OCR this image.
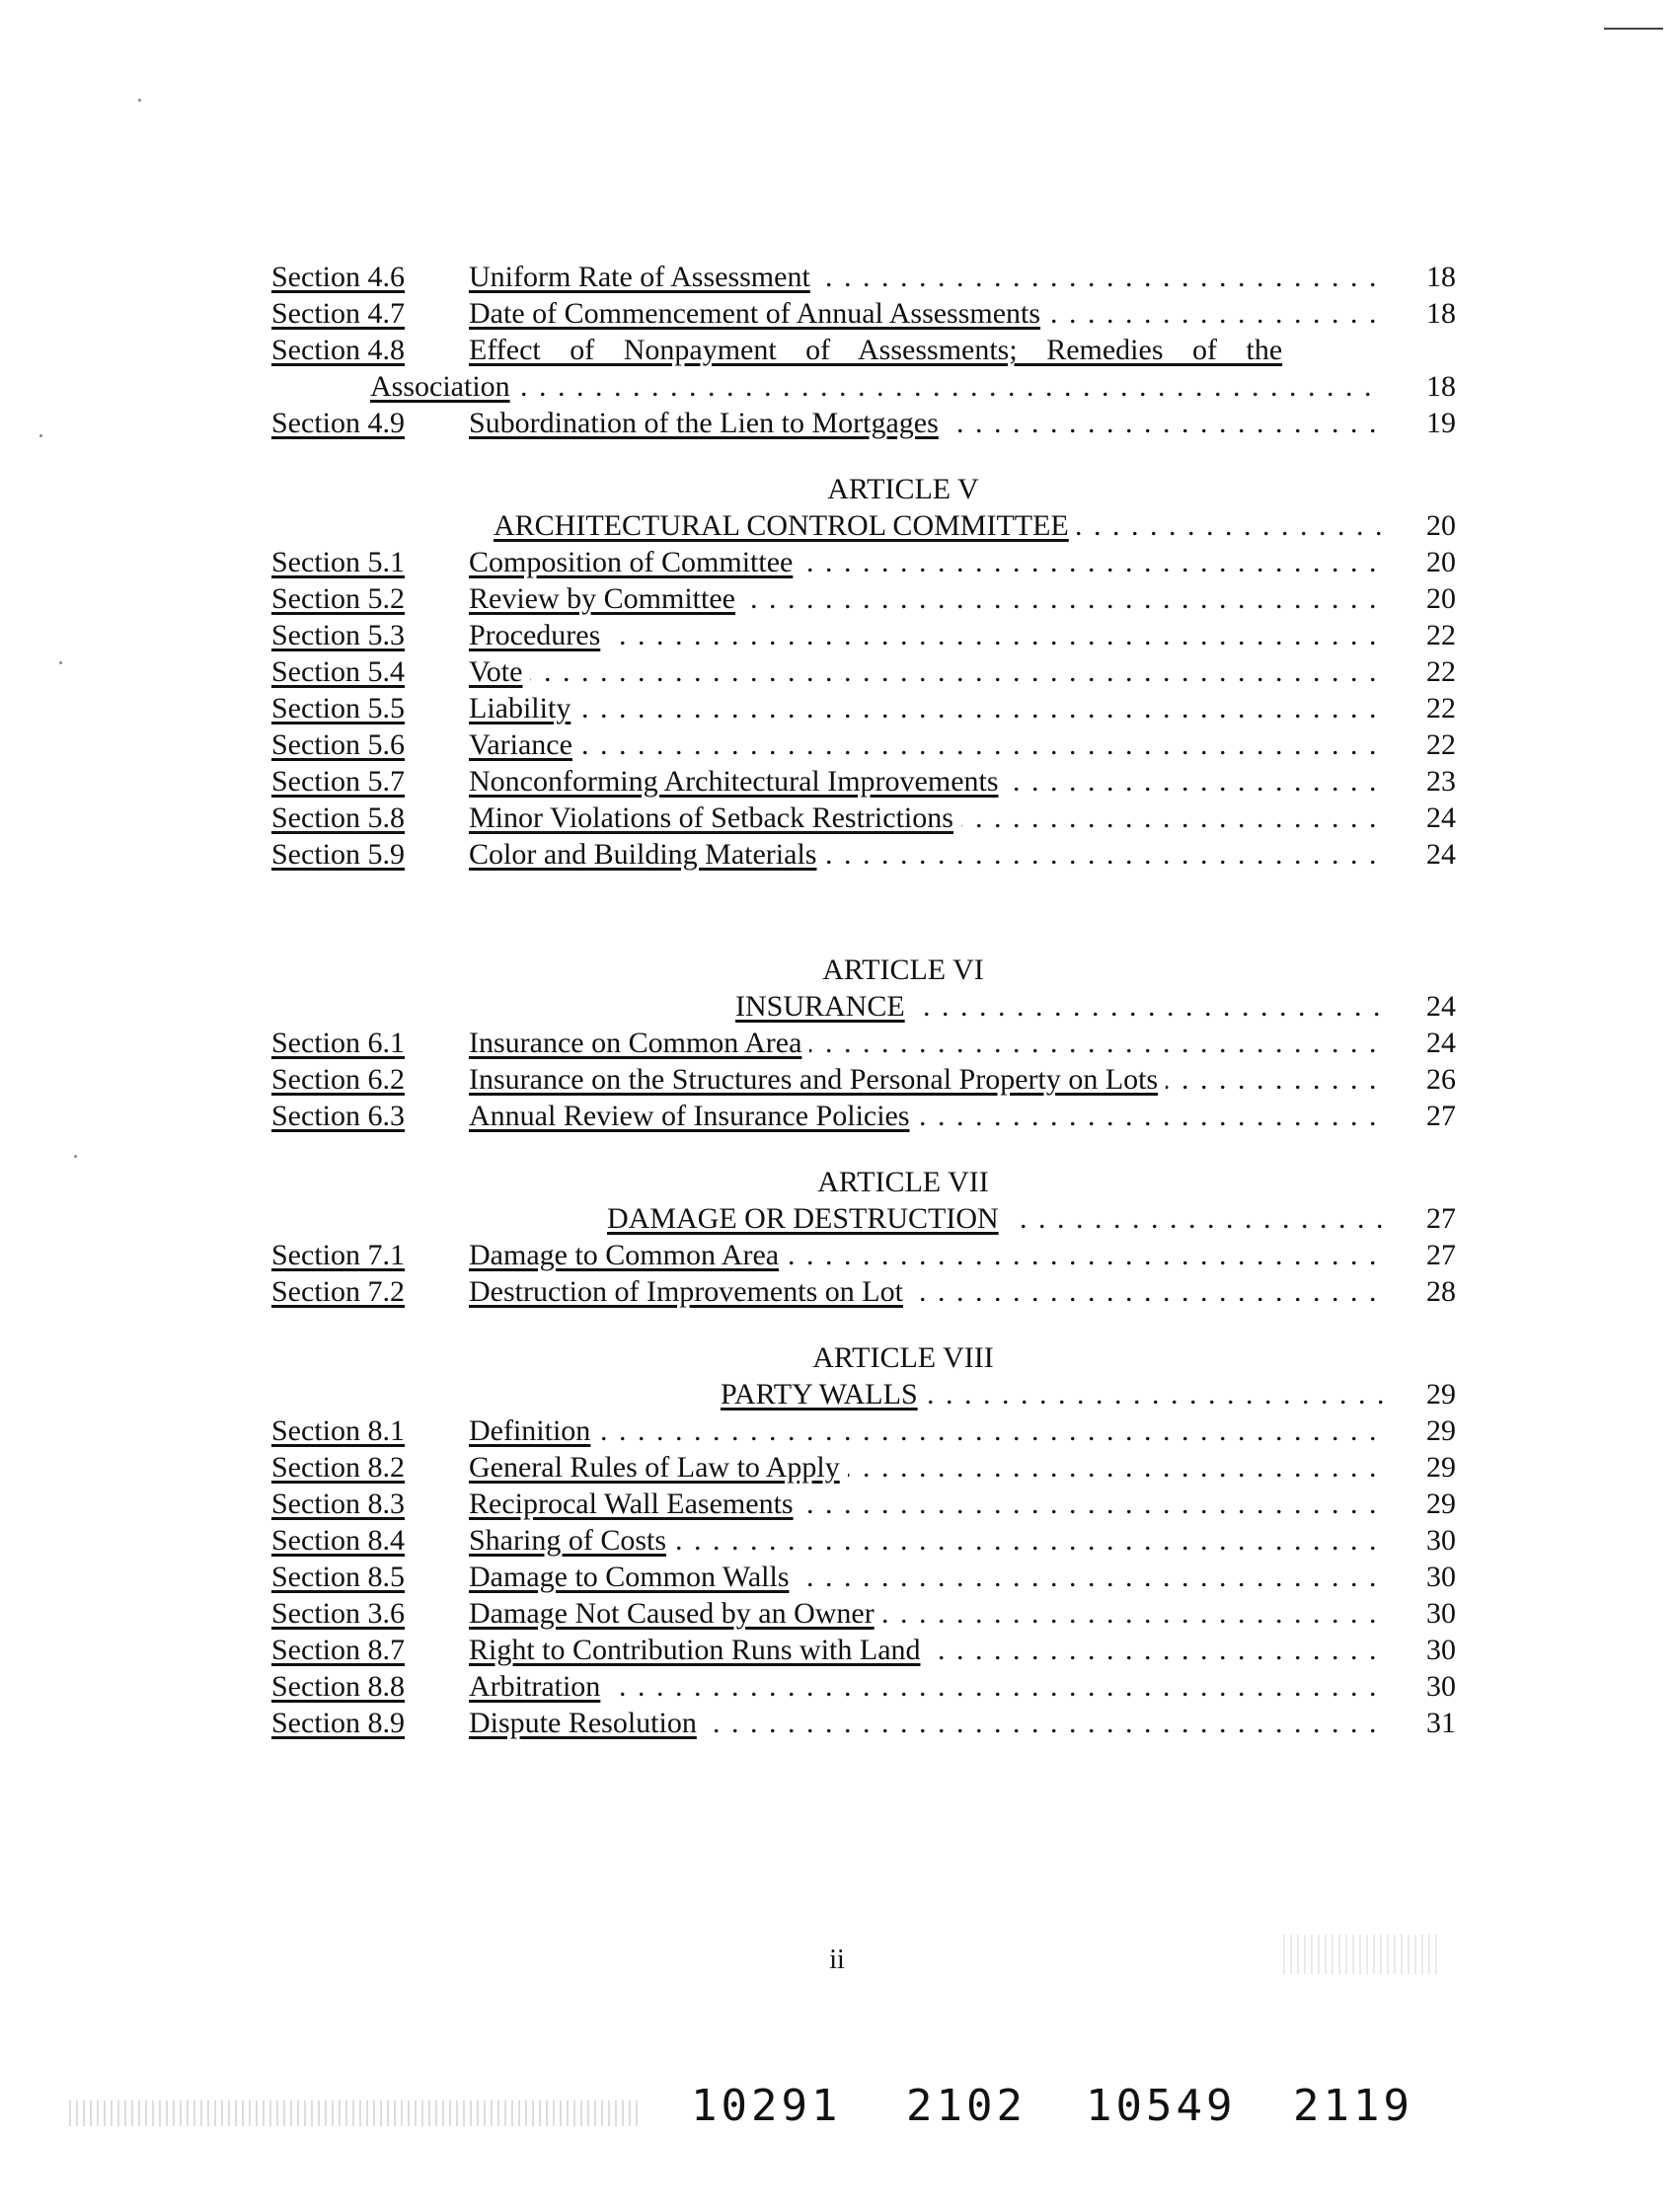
Section 4.6 Uniform Rate of Assessment . . .	18
Section 4.7 Date of Commencement of Annual Assessments . . .	18
Section 4.8 Effect of Nonpayment of Assessments; Remedies of the
Association . . .	18
Section 4.9 Subordination of the Lien to Mortgages . . .	19
ARTICLE V
ARCHITECTURAL CONTROL COMMITTEE . . .	20
Section 5.1 Composition of Committee . . .	20
Section 5.2 Review by Committee . . .	20
Section 5.3 Procedures . . .	22
Section 5.4 Vote . . .	22
Section 5.5 Liability . . .	22
Section 5.6 Variance . . .	22
Section 5.7 Nonconforming Architectural Improvements . . .	23
Section 5.8 Minor Violations of Setback Restrictions . . .	24
Section 5.9 Color and Building Materials . . .	24
ARTICLE VI
INSURANCE . . .	24
Section 6.1 Insurance on Common Area . . .	24
Section 6.2 Insurance on the Structures and Personal Property on Lots . . .	26
Section 6.3 Annual Review of Insurance Policies . . .	27
ARTICLE VII
DAMAGE OR DESTRUCTION . . .	27
Section 7.1 Damage to Common Area . . .	27
Section 7.2 Destruction of Improvements on Lot . . .	28
ARTICLE VIII
PARTY WALLS . . .	29
Section 8.1 Definition . . .	29
Section 8.2 General Rules of Law to Apply . . .	29
Section 8.3 Reciprocal Wall Easements . . .	29
Section 8.4 Sharing of Costs . . .	30
Section 8.5 Damage to Common Walls . . .	30
Section 3.6 Damage Not Caused by an Owner . . .	30
Section 8.7 Right to Contribution Runs with Land . . .	30
Section 8.8 Arbitration . . .	30
Section 8.9 Dispute Resolution . . .	31
ii
10291 2102 10549 2119
